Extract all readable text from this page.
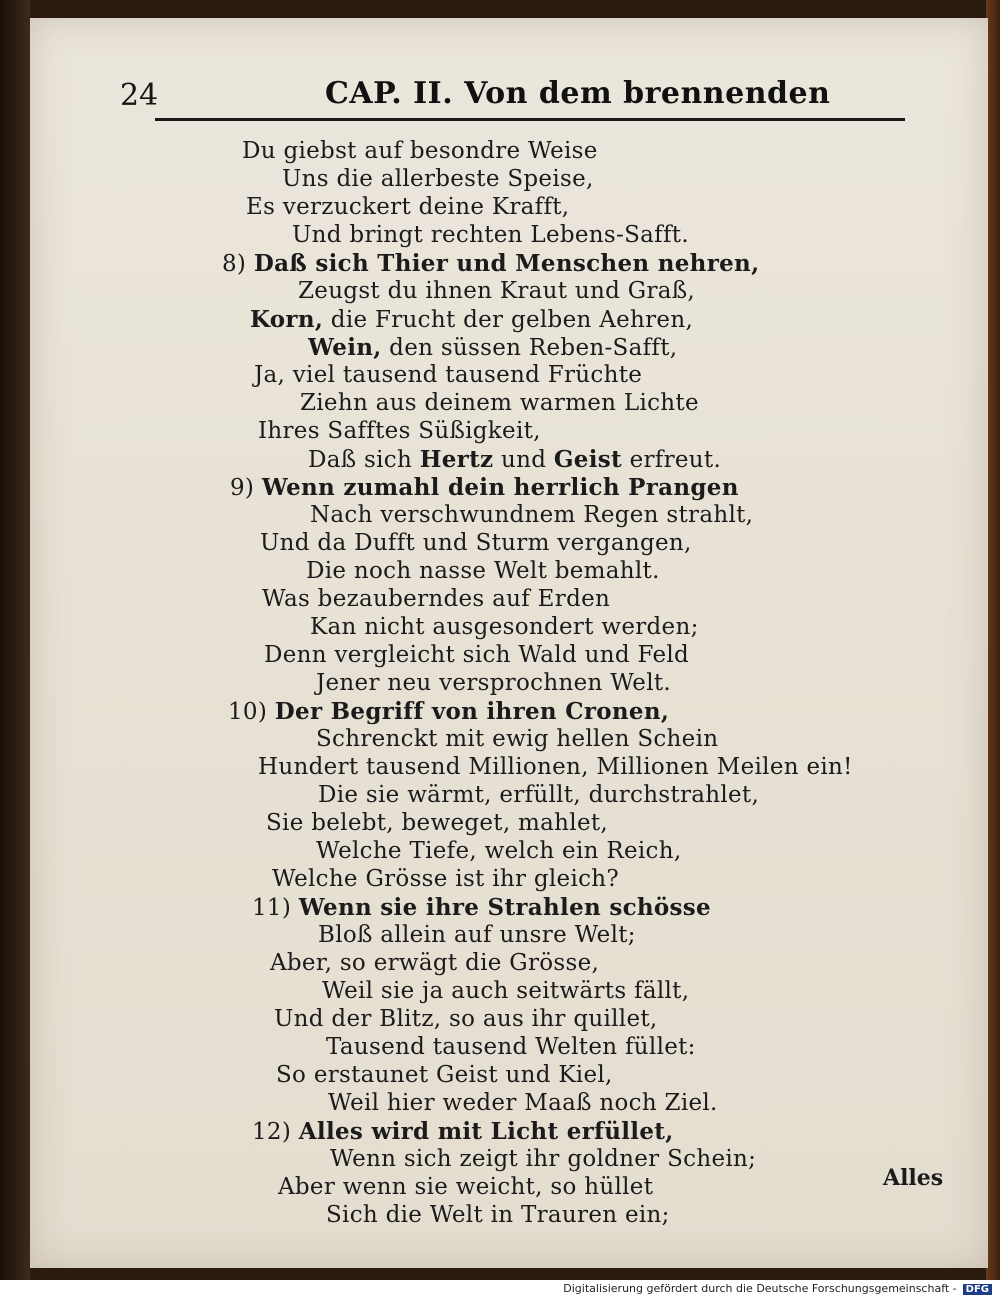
24	CAP. II. Von dem brennenden
Du giebst auf besondre Weise
Uns die allerbeste Speise,
Es verzuckert deine Krafft,
Und bringt rechten Lebens-Safft.
8) Daß sich Thier und Menschen nehren,
Zeugst du ihnen Kraut und Graß,
Korn, die Frucht der gelben Aehren,
Wein, den süssen Reben-Safft,
Ja, viel tausend tausend Früchte
Ziehn aus deinem warmen Lichte
Ihres Safftes Süßigkeit,
Daß sich Hertz und Geist erfreut.
9) Wenn zumahl dein herrlich Prangen
Nach verschwundnem Regen strahlt,
Und da Dufft und Sturm vergangen,
Die noch nasse Welt bemahlt.
Was bezauberndes auf Erden
Kan nicht ausgesondert werden;
Denn vergleicht sich Wald und Feld
Jener neu versprochnen Welt.
10) Der Begriff von ihren Cronen,
Schrenckt mit ewig hellen Schein
Hundert tausend Millionen, Millionen Meilen ein!
Die sie wärmt, erfüllt, durchstrahlet,
Sie belebt, beweget, mahlet,
Welche Tiefe, welch ein Reich,
Welche Grösse ist ihr gleich?
11) Wenn sie ihre Strahlen schösse
Bloß allein auf unsre Welt;
Aber, so erwägt die Grösse,
Weil sie ja auch seitwärts fällt,
Und der Blitz, so aus ihr quillet,
Tausend tausend Welten füllet:
So erstaunet Geist und Kiel,
Weil hier weder Maaß noch Ziel.
12) Alles wird mit Licht erfüllet,
Wenn sich zeigt ihr goldner Schein;
Aber wenn sie weicht, so hüllet
Sich die Welt in Trauren ein;
Alles
Digitalisierung gefördert durch die Deutsche Forschungsgemeinschaft - DFG
